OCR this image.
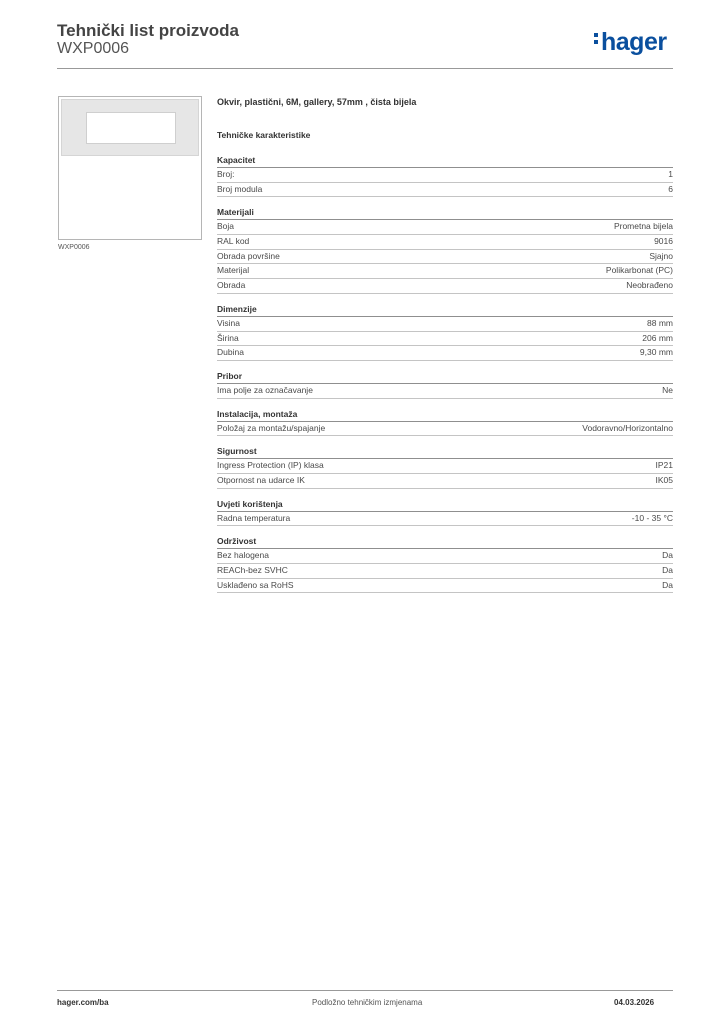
Tehnički list proizvoda
WXP0006	hager
WXP0006
Okvir, plastični, 6M, gallery, 57mm , čista bijela
Tehničke karakteristike
Kapacitet
Broj:	1
Broj modula	6
Materijali
Boja	Prometna bijela
RAL kod	9016
Obrada površine	Sjajno
Materijal	Polikarbonat (PC)
Obrada	Neobrađeno
Dimenzije
Visina	88 mm
Širina	206 mm
Dubina	9,30 mm
Pribor
Ima polje za označavanje	Ne
Instalacija, montaža
Položaj za montažu/spajanje	Vodoravno/Horizontalno
Sigurnost
Ingress Protection (IP) klasa	IP21
Otpornost na udarce IK	IK05
Uvjeti korištenja
Radna temperatura	-10 - 35 °C
Održivost
Bez halogena	Da
REACh-bez SVHC	Da
Usklađeno sa RoHS	Da
hager.com/ba	Podložno tehničkim izmjenama	04.03.2026
